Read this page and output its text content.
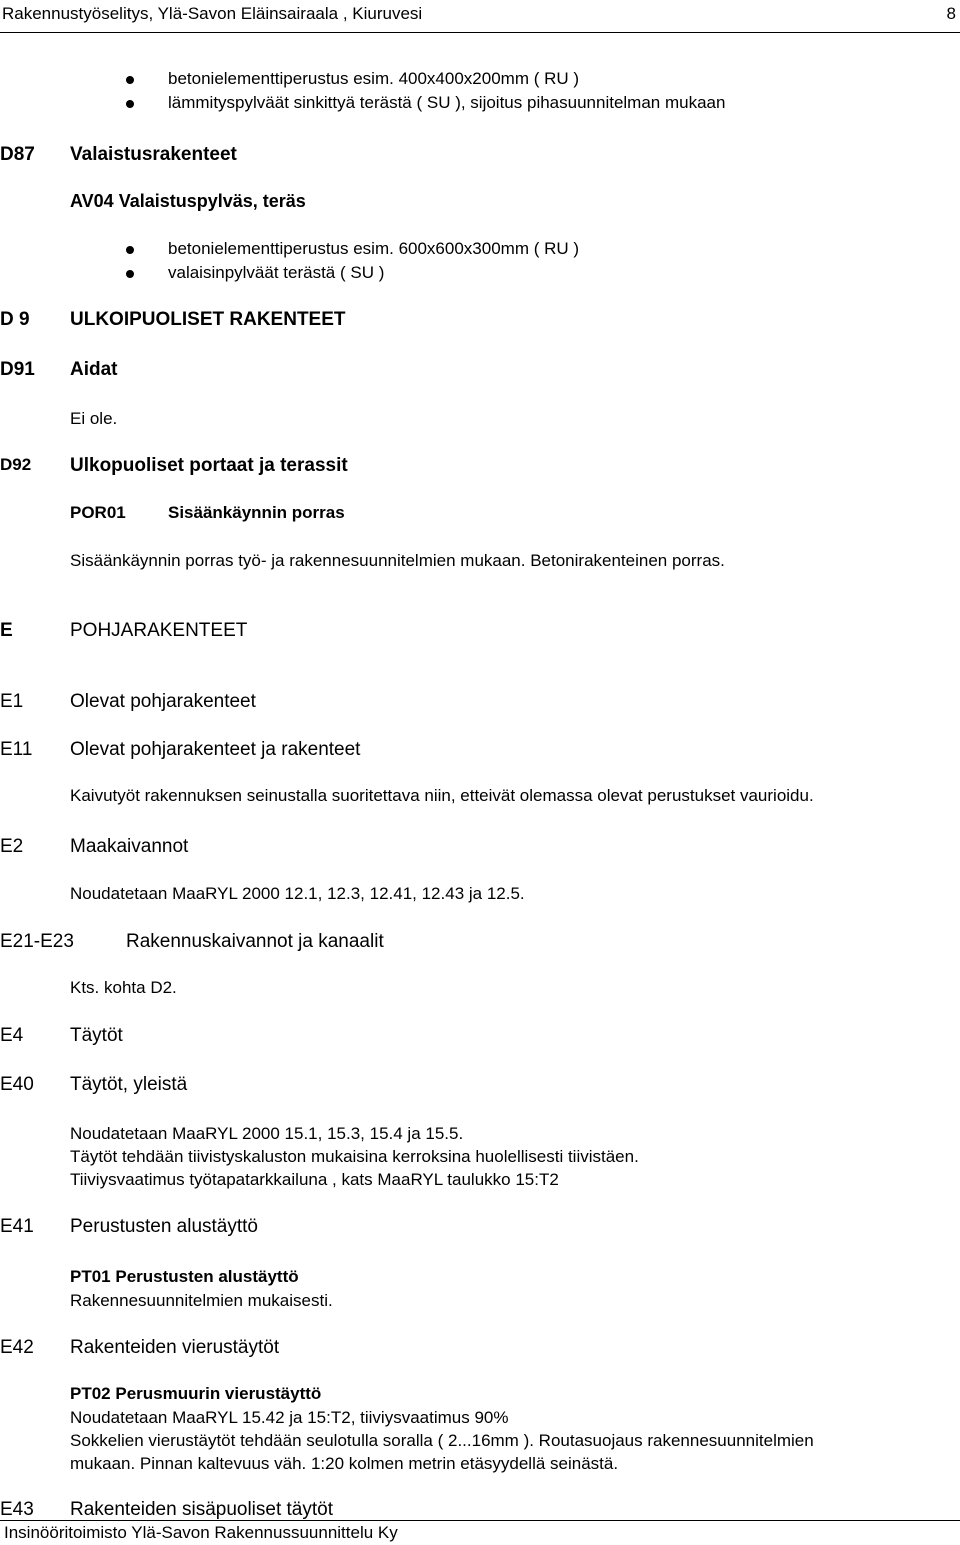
Rakennustyöselitys, Ylä-Savon Eläinsairaala , Kiuruvesi	8
betonielementtiperustus esim. 400x400x200mm ( RU )
lämmityspylväät sinkittyä terästä ( SU ), sijoitus pihasuunnitelman mukaan
D87 Valaistusrakenteet
AV04 Valaistuspylväs, teräs
betonielementtiperustus esim. 600x600x300mm ( RU )
valaisinpylväät terästä ( SU )
D 9 ULKOIPUOLISET RAKENTEET
D91 Aidat
Ei ole.
D92 Ulkopuoliset portaat ja terassit
POR01 Sisäänkäynnin porras
Sisäänkäynnin porras työ- ja rakennesuunnitelmien mukaan. Betonirakenteinen porras.
E	POHJARAKENTEET
E1 Olevat pohjarakenteet
E11 Olevat pohjarakenteet ja rakenteet
Kaivutyöt rakennuksen seinustalla suoritettava niin, etteivät olemassa olevat perustukset vaurioidu.
E2 Maakaivannot
Noudatetaan MaaRYL 2000 12.1, 12.3, 12.41, 12.43 ja 12.5.
E21-E23	Rakennuskaivannot ja kanaalit
Kts. kohta D2.
E4 Täytöt
E40 Täytöt, yleistä
Noudatetaan MaaRYL 2000 15.1, 15.3, 15.4 ja 15.5.
Täytöt tehdään tiivistyskaluston mukaisina kerroksina huolellisesti tiivistäen.
Tiiviysvaatimus työtapatarkkailuna , kats MaaRYL taulukko 15:T2
E41 Perustusten alustäyttö
PT01 Perustusten alustäyttö
Rakennesuunnitelmien mukaisesti.
E42 Rakenteiden vierustäytöt
PT02 Perusmuurin vierustäyttö
Noudatetaan MaaRYL 15.42 ja 15:T2, tiiviysvaatimus 90%
Sokkelien vierustäytöt tehdään seulotulla soralla ( 2...16mm ). Routasuojaus rakennesuunnitelmien
mukaan. Pinnan kaltevuus väh. 1:20 kolmen metrin etäsyydellä seinästä.
E43 Rakenteiden sisäpuoliset täytöt
Insinööritoimisto Ylä-Savon Rakennussuunnittelu Ky
